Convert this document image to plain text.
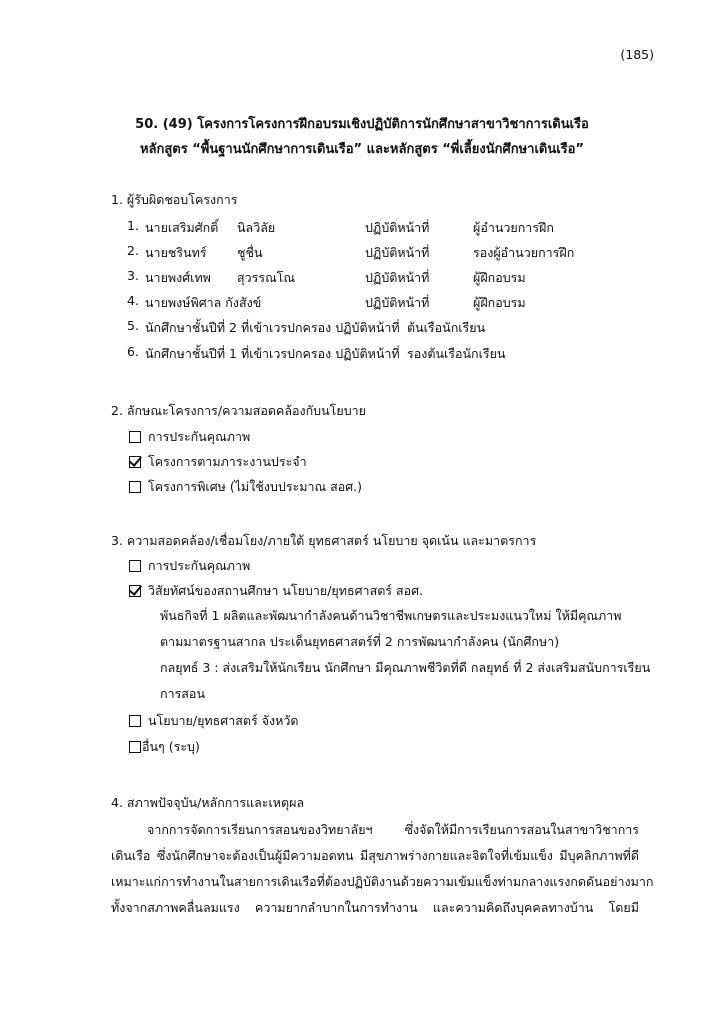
(185)
50. (49) โครงการโครงการฝึกอบรมเชิงปฏิบัติการนักศึกษาสาขาวิชาการเดินเรือ
หลักสูตร “พื้นฐานนักศึกษาการเดินเรือ” และหลักสูตร “พี่เลี้ยงนักศึกษาเดินเรือ”
1. ผู้รับผิดชอบโครงการ
1. นายเสริมศักดิ์ นิลวิลัย	ปฏิบัติหน้าที่	ผู้อำนวยการฝึก
2. นายชรินทร์ ชูชื่น	ปฏิบัติหน้าที่	รองผู้อำนวยการฝึก
3. นายพงศ์เทพ สุวรรณโณ	ปฏิบัติหน้าที่	ผู้ฝึกอบรม
4. นายพงษ์พิศาล กังสังข์	ปฏิบัติหน้าที่	ผู้ฝึกอบรม
5. นักศึกษาชั้นปีที่ 2 ที่เข้าเวรปกครอง ปฏิบัติหน้าที่ ต้นเรือนักเรียน
6. นักศึกษาชั้นปีที่ 1 ที่เข้าเวรปกครอง ปฏิบัติหน้าที่ รองต้นเรือนักเรียน
2. ลักษณะโครงการ/ความสอดคล้องกับนโยบาย
การประกันคุณภาพ
โครงการตามภาระงานประจำ
โครงการพิเศษ (ไม่ใช้งบประมาณ สอศ.)
3. ความสอดคล้อง/เชื่อมโยง/ภายใต้ ยุทธศาสตร์ นโยบาย จุดเน้น และมาตรการ
การประกันคุณภาพ
วิสัยทัศน์ของสถานศึกษา นโยบาย/ยุทธศาสตร์ สอศ.
พันธกิจที่ 1 ผลิตและพัฒนากำลังคนด้านวิชาชีพเกษตรและประมงแนวใหม่ ให้มีคุณภาพ
ตามมาตรฐานสากล ประเด็นยุทธศาสตร์ที่ 2 การพัฒนากำลังคน (นักศึกษา)
กลยุทธ์ 3 : ส่งเสริมให้นักเรียน นักศึกษา มีคุณภาพชีวิตที่ดี กลยุทธ์ ที่ 2 ส่งเสริมสนับการเรียน
การสอน
นโยบาย/ยุทธศาสตร์ จังหวัด
อื่นๆ (ระบุ)
4. สภาพปัจจุบัน/หลักการและเหตุผล
จากการจัดการเรียนการสอนของวิทยาลัยฯ	ซึ่งจัดให้มีการเรียนการสอนในสาขาวิชาการ
เดินเรือ ซึ่งนักศึกษาจะต้องเป็นผู้มีความอดทน มีสุขภาพร่างกายและจิตใจที่เข้มแข็ง มีบุคลิกภาพที่ดี
เหมาะแก่การทำงานในสายการเดินเรือที่ต้องปฏิบัติงานด้วยความเข้มแข็ง ท่ามกลางแรงกดดันอย่างมาก
ทั้งจากสภาพคลื่นลมแรง ความยากลำบากในการทำงาน และความคิดถึงบุคคลทางบ้าน โดยมี
